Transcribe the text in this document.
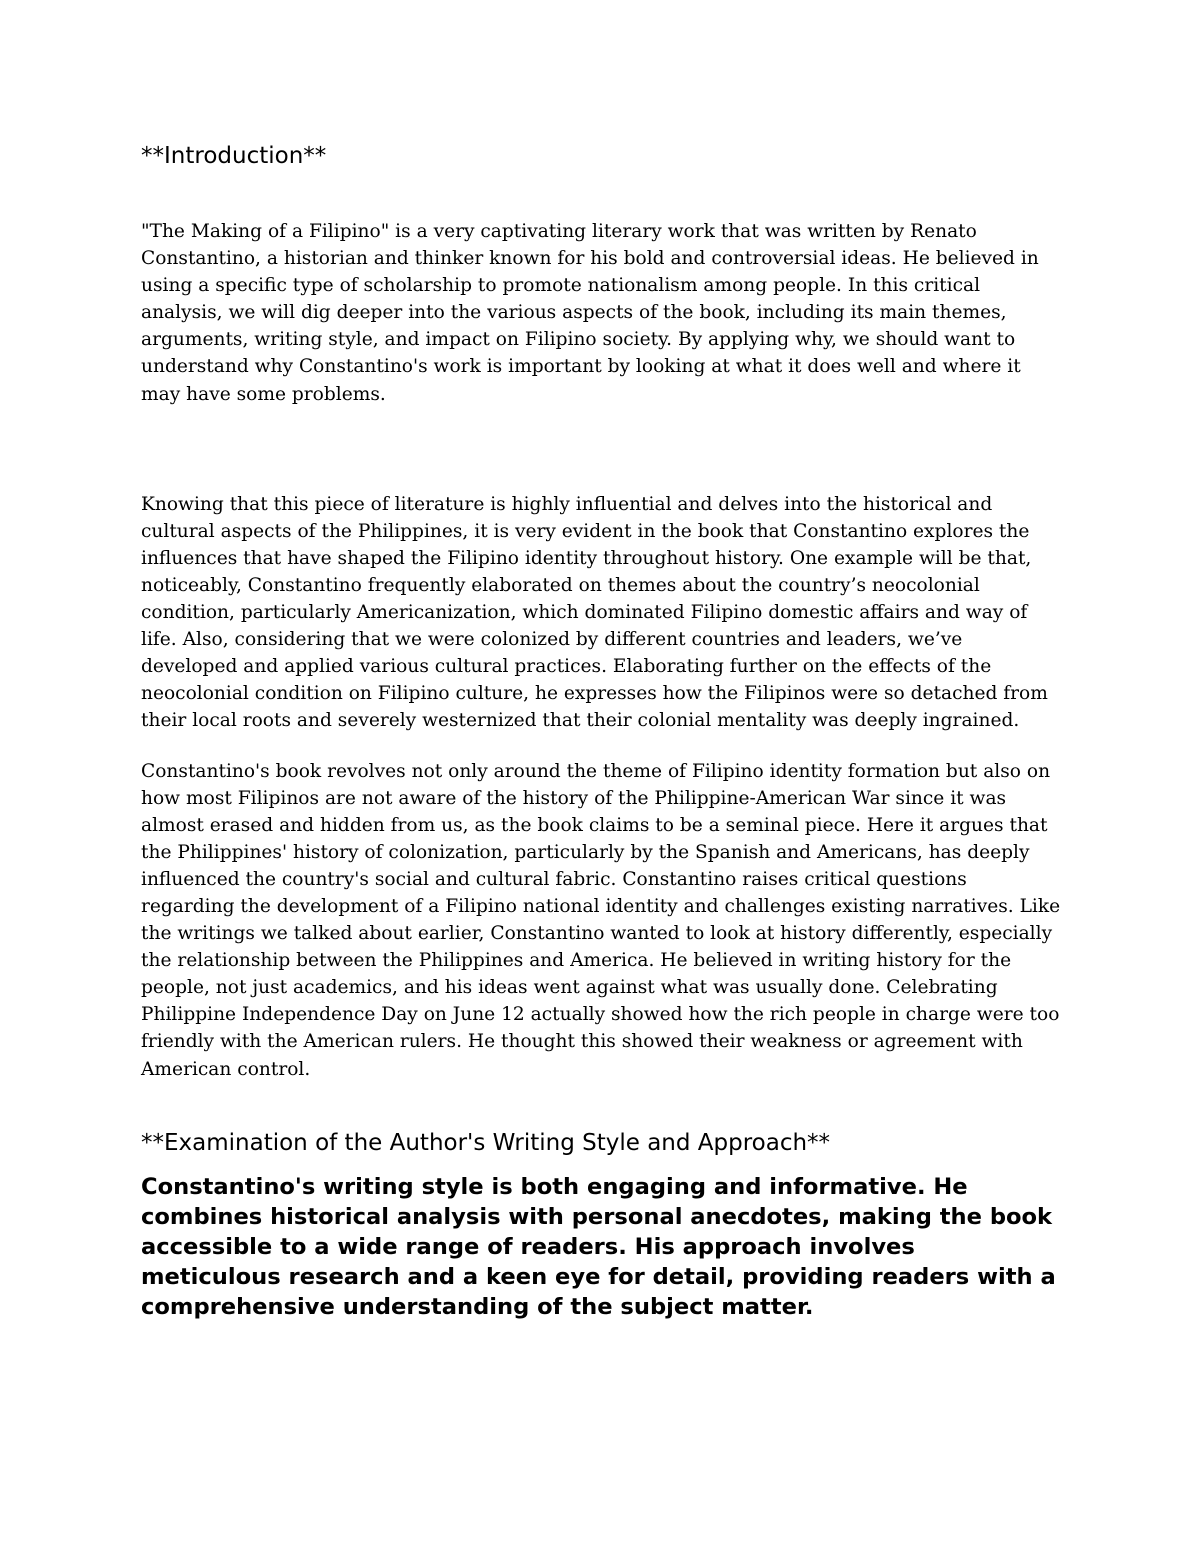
**Introduction**

"The Making of a Filipino" is a very captivating literary work that was written by Renato Constantino, a historian and thinker known for his bold and controversial ideas. He believed in using a specific type of scholarship to promote nationalism among people. In this critical analysis, we will dig deeper into the various aspects of the book, including its main themes, arguments, writing style, and impact on Filipino society. By applying why, we should want to understand why Constantino's work is important by looking at what it does well and where it may have some problems.

Knowing that this piece of literature is highly influential and delves into the historical and cultural aspects of the Philippines, it is very evident in the book that Constantino explores the influences that have shaped the Filipino identity throughout history. One example will be that, noticeably, Constantino frequently elaborated on themes about the country’s neocolonial condition, particularly Americanization, which dominated Filipino domestic affairs and way of life. Also, considering that we were colonized by different countries and leaders, we’ve developed and applied various cultural practices. Elaborating further on the effects of the neocolonial condition on Filipino culture, he expresses how the Filipinos were so detached from their local roots and severely westernized that their colonial mentality was deeply ingrained.

Constantino's book revolves not only around the theme of Filipino identity formation but also on how most Filipinos are not aware of the history of the Philippine-American War since it was almost erased and hidden from us, as the book claims to be a seminal piece. Here it argues that the Philippines' history of colonization, particularly by the Spanish and Americans, has deeply influenced the country's social and cultural fabric. Constantino raises critical questions regarding the development of a Filipino national identity and challenges existing narratives. Like the writings we talked about earlier, Constantino wanted to look at history differently, especially the relationship between the Philippines and America. He believed in writing history for the people, not just academics, and his ideas went against what was usually done. Celebrating Philippine Independence Day on June 12 actually showed how the rich people in charge were too friendly with the American rulers. He thought this showed their weakness or agreement with American control.

**Examination of the Author's Writing Style and Approach**

Constantino's writing style is both engaging and informative. He combines historical analysis with personal anecdotes, making the book accessible to a wide range of readers. His approach involves meticulous research and a keen eye for detail, providing readers with a comprehensive understanding of the subject matter.
